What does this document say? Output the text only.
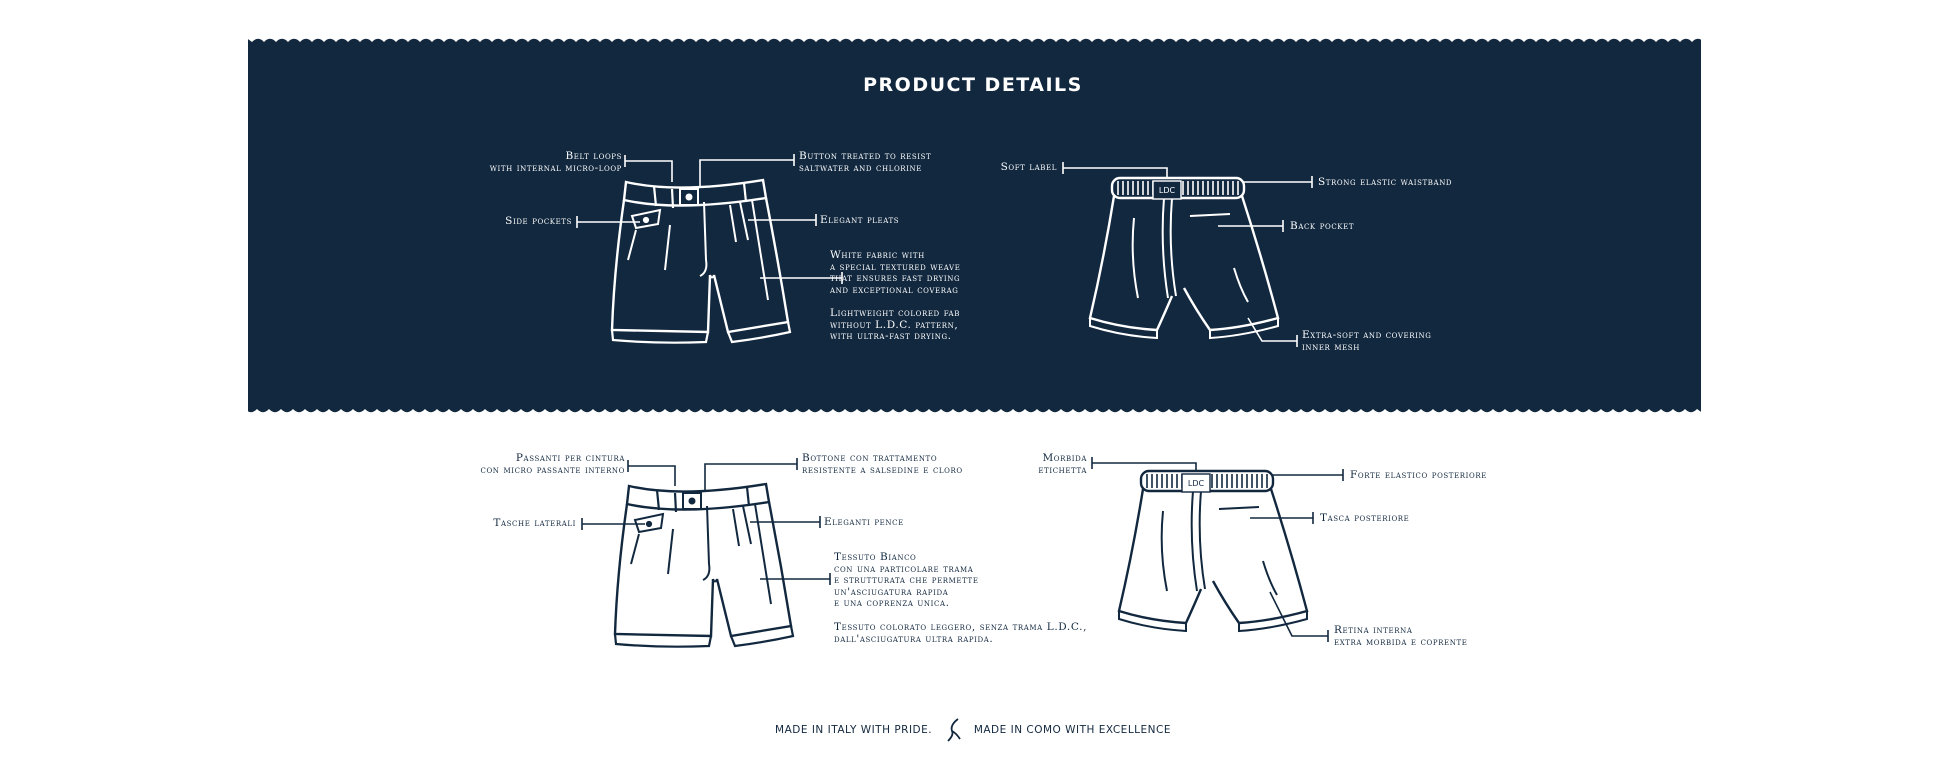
PRODUCT DETAILS
LDC
LDC
Belt loops
with internal micro-loop
Side pockets
Button treated to resist
saltwater and chlorine
Elegant pleats
White fabric with
a special textured weave
that ensures fast drying
and exceptional coverag
Lightweight colored fab
without L.D.C. pattern,
with ultra-fast drying.
Soft label
Strong elastic waistband
Back pocket
Extra-soft and covering
inner mesh
Passanti per cintura
con micro passante interno
Tasche laterali
Bottone con trattamento
resistente a salsedine e cloro
Eleganti pence
Tessuto Bianco
con una particolare trama
e strutturata che permette
un'asciugatura rapida
e una coprenza unica.
Tessuto colorato leggero, senza trama L.D.C.,
dall'asciugatura ultra rapida.
Morbida
etichetta	Forte elastico posteriore
Tasca posteriore
Retina interna
extra morbida e coprente
MADE IN ITALY WITH PRIDE.	MADE IN COMO WITH EXCELLENCE
